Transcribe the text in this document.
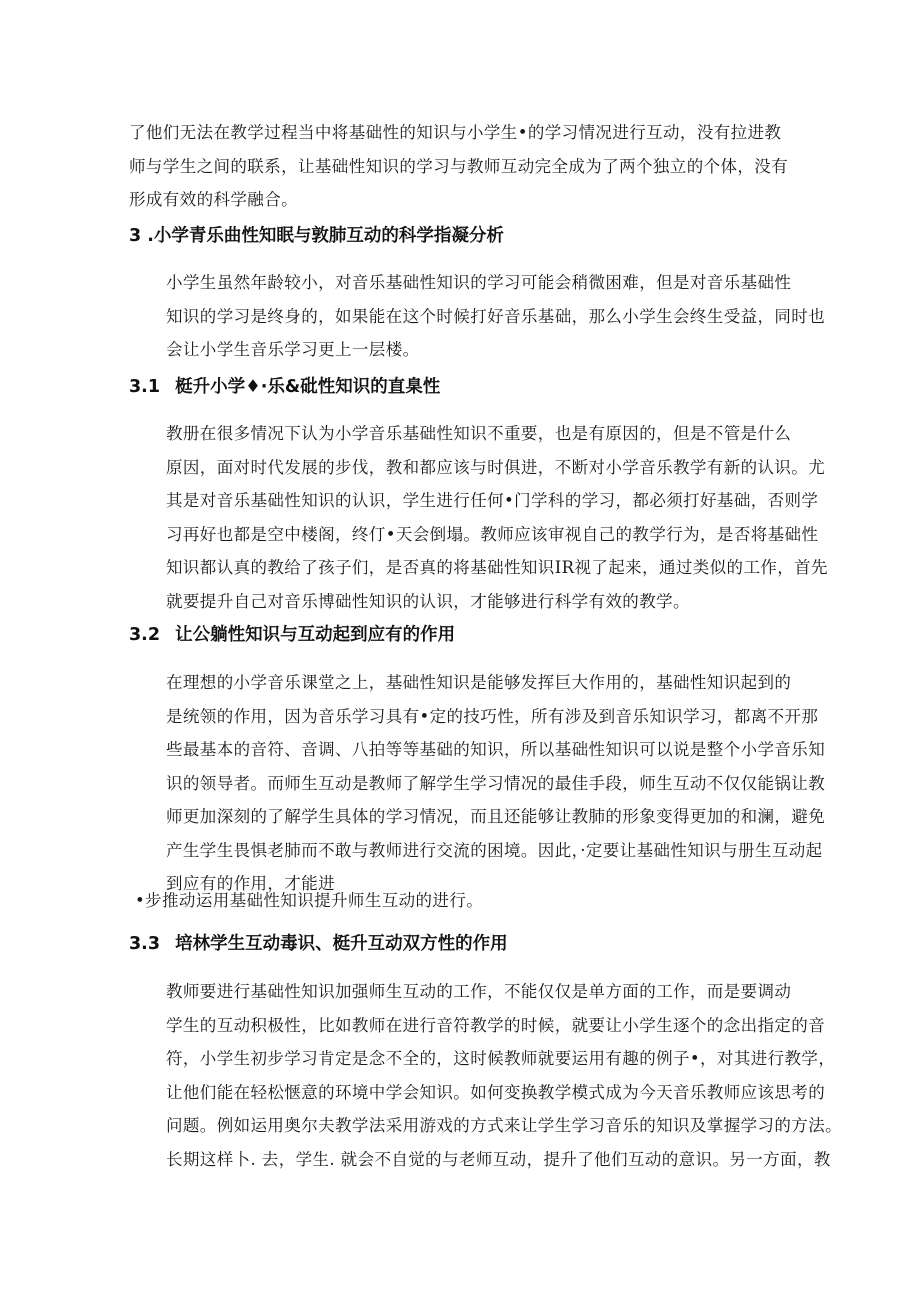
了他们无法在教学过程当中将基础性的知识与小学生•的学习情况进行互动，没有拉进教
师与学生之间的联系，让基础性知识的学习与教师互动完全成为了两个独立的个体，没有
形成有效的科学融合。

3 .小学青乐曲性知眠与敦肺互动的科学指凝分析

小学生虽然年龄较小，对音乐基础性知识的学习可能会稍微困难，但是对音乐基础性
知识的学习是终身的，如果能在这个时候打好音乐基础，那么小学生会终生受益，同时也
会让小学生音乐学习更上一层楼。

3.1 梃升小学♦·乐&砒性知识的直臬性

教册在很多情况下认为小学音乐基础性知识不重要，也是有原因的，但是不管是什么
原因，面对时代发展的步伐，教和都应该与时俱进，不断对小学音乐教学有新的认识。尤
其是对音乐基础性知识的认识，学生进行任何•门学科的学习，都必须打好基础，否则学
习再好也都是空中楼阁，终仃•天会倒塌。教师应该审视自己的教学行为，是否将基础性
知识都认真的教给了孩子们，是否真的将基础性知识IR视了起来，通过类似的工作，首先
就要提升自己对音乐博础性知识的认识，才能够进行科学有效的教学。

3.2 让公躺性知识与互动起到应有的作用

在理想的小学音乐课堂之上，基础性知识是能够发挥巨大作用的，基础性知识起到的
是统领的作用，因为音乐学习具有•定的技巧性，所有涉及到音乐知识学习，都离不开那
些最基本的音符、音调、八拍等等基础的知识，所以基础性知识可以说是整个小学音乐知
识的领导者。而师生互动是教师了解学生学习情况的最佳手段，师生互动不仅仅能锅让教
师更加深刻的了解学生具体的学习情况，而且还能够让教肺的形象变得更加的和澜，避免
产生学生畏惧老肺而不敢与教师进行交流的困境。因此，·定要让基础性知识与册生互动起
到应有的作用，才能进

•步推动运用基础性知识提升师生互动的进行。

3.3 培林学生互动毒识、梃升互动双方性的作用

教师要进行基础性知识加强师生互动的工作，不能仅仅是单方面的工作，而是要调动
学生的互动积极性，比如教师在进行音符教学的时候，就要让小学生逐个的念出指定的音
符，小学生初步学习肯定是念不全的，这时候教师就要运用有趣的例子•，对其进行教学，
让他们能在轻松惬意的环境中学会知识。如何变换教学模式成为今天音乐教师应该思考的
问题。例如运用奥尔夫教学法采用游戏的方式来让学生学习音乐的知识及掌握学习的方法。
长期这样卜. 去，学生. 就会不自觉的与老师互动，提升了他们互动的意识。另一方面，教
